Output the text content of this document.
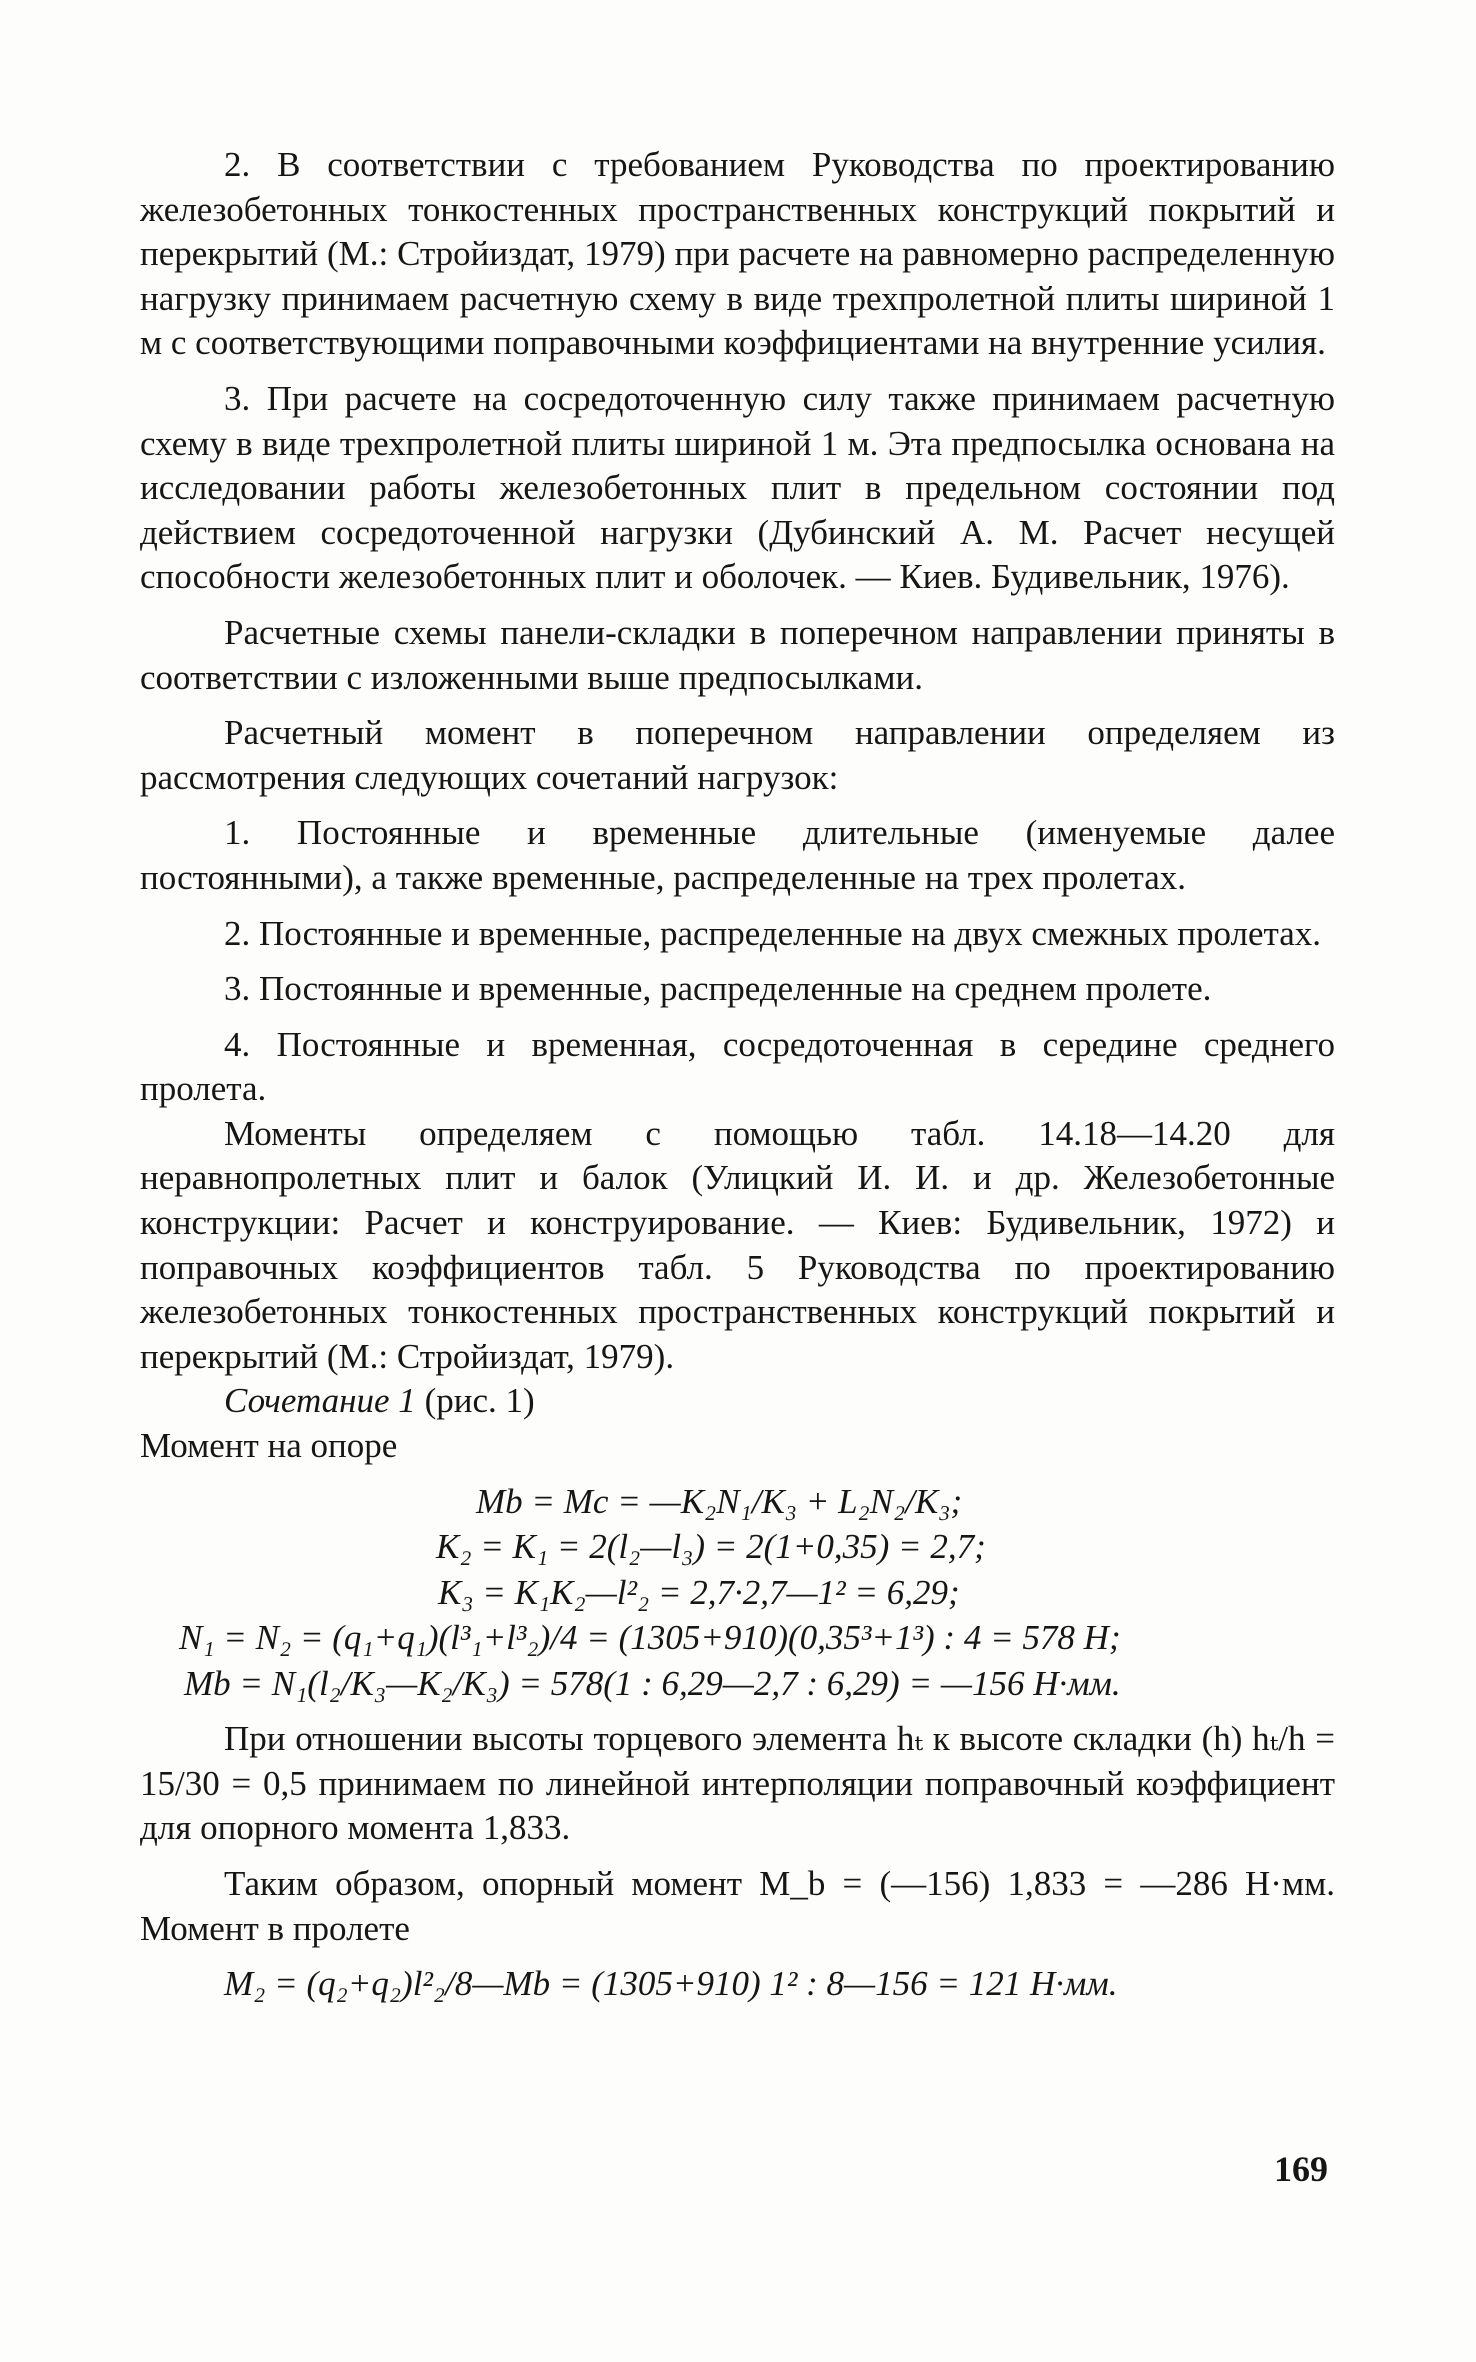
2. В соответствии с требованием Руководства по проектированию железобетонных тонкостенных пространственных конструкций покрытий и перекрытий (М.: Стройиздат, 1979) при расчете на равномерно распределенную нагрузку принимаем расчетную схему в виде трехпролетной плиты шириной 1 м с соответствующими поправочными коэффициентами на внутренние усилия.

3. При расчете на сосредоточенную силу также принимаем расчетную схему в виде трехпролетной плиты шириной 1 м. Эта предпосылка основана на исследовании работы железобетонных плит в предельном состоянии под действием сосредоточенной нагрузки (Дубинский А. М. Расчет несущей способности железобетонных плит и оболочек. — Киев. Будивельник, 1976).

Расчетные схемы панели-складки в поперечном направлении приняты в соответствии с изложенными выше предпосылками.

Расчетный момент в поперечном направлении определяем из рассмотрения следующих сочетаний нагрузок:

1. Постоянные и временные длительные (именуемые далее постоянными), а также временные, распределенные на трех пролетах.

2. Постоянные и временные, распределенные на двух смежных пролетах.

3. Постоянные и временные, распределенные на среднем пролете.

4. Постоянные и временная, сосредоточенная в середине среднего пролета.

Моменты определяем с помощью табл. 14.18—14.20 для неравнопролетных плит и балок (Улицкий И. И. и др. Железобетонные конструкции: Расчет и конструирование. — Киев: Будивельник, 1972) и поправочных коэффициентов табл. 5 Руководства по проектированию железобетонных тонкостенных пространственных конструкций покрытий и перекрытий (М.: Стройиздат, 1979).

Сочетание 1 (рис. 1)

Момент на опоре

Mb = Mc = —K₂N₁/K₃ + L₂N₂/K₃;
K₂ = K₁ = 2(l₂—l₃) = 2(1+0,35) = 2,7;
K₃ = K₁K₂—l²₂ = 2,7·2,7—1² = 6,29;
N₁ = N₂ = (q₁+q₁)(l³₁+l³₂)/4 = (1305+910)(0,35³+1³) : 4 = 578 Н;
Mb = N₁(l₂/K₃—K₂/K₃) = 578(1 : 6,29—2,7 : 6,29) = —156 Н·мм.

При отношении высоты торцевого элемента hₜ к высоте складки (h) hₜ/h = 15/30 = 0,5 принимаем по линейной интерполяции поправочный коэффициент для опорного момента 1,833.

Таким образом, опорный момент M_b = (—156) 1,833 = —286 Н·мм. Момент в пролете

M₂ = (q₂+q₂)l²₂/8—Mb = (1305+910) 1² : 8—156 = 121 Н·мм.
169
